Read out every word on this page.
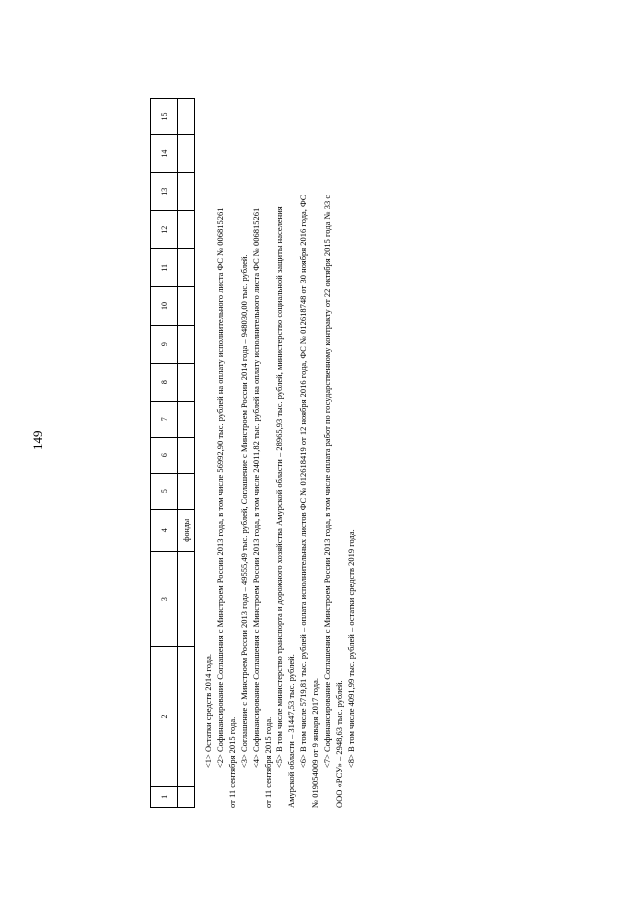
149
1	2	3	4	5	6	7	8	9	10	11	12	13	14	15
			фонды											
<1> Остатки средств 2014 года. <2> Софинансирование Соглашения с Минстроем России 2013 года, в том числе 56992,90 тыс. рублей на оплату исполнительного листа ФС № 006815261 от 11 сентября 2015 года. <3> Соглашение с Минстроем России 2013 года – 49555,49 тыс. рублей, Соглашение с Минстроем России 2014 года – 948030,00 тыс. рублей. <4> Софинансирование Соглашения с Минстроем России 2013 года, в том числе 24011,82 тыс. рублей на оплату исполнительного листа ФС № 006815261 от 11 сентября 2015 года. <5> В том числе министерство транспорта и дорожного хозяйства Амурской области – 28965,93 тыс. рублей, министерство социальной защиты населения Амурской области – 31447,53 тыс. рублей. <6> В том числе 5719,81 тыс. рублей – оплата исполнительных листов ФС № 012618419 от 12 ноября 2016 года, ФС № 012618748 от 30 ноября 2016 года, ФС № 019054009 от 9 января 2017 года. <7> Софинансирование Соглашения с Минстроем России 2013 года, в том числе оплата работ по государственному контракту от 22 октября 2015 года № 33 с ООО «РСУ» – 2948,63 тыс. рублей. <8> В том числе 4091,99 тыс. рублей – остатки средств 2019 года.
